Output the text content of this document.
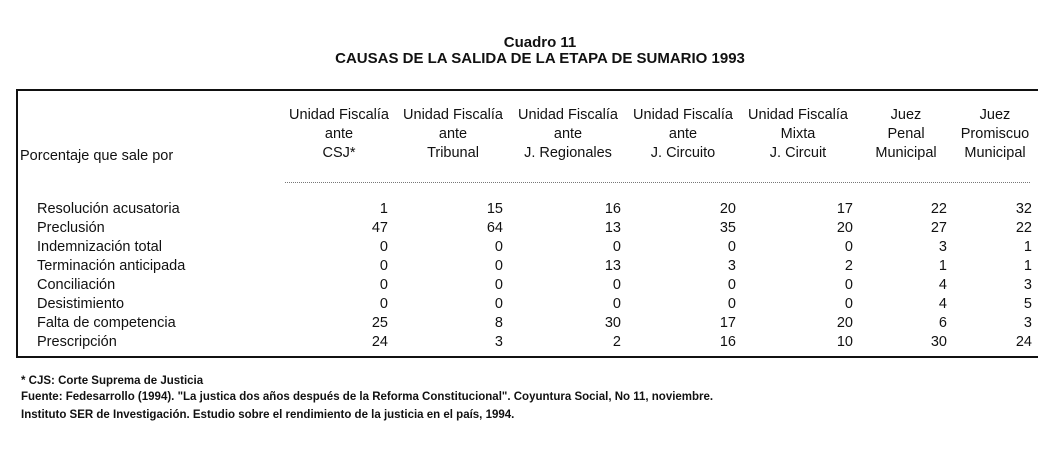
Cuadro 11
CAUSAS DE LA SALIDA DE LA ETAPA DE SUMARIO 1993
Porcentaje que sale por
Unidad Fiscalía
ante
CSJ*
Unidad Fiscalía
ante
Tribunal
Unidad Fiscalía
ante
J. Regionales
Unidad Fiscalía
ante
J. Circuito
Unidad Fiscalía
Mixta
J. Circuit
Juez
Penal
Municipal
Juez
Promiscuo
Municipal
Resolución acusatoria	1	15	16	20	17	22	32
Preclusión	47	64	13	35	20	27	22
Indemnización total	0	0	0	0	0	3	1
Terminación anticipada	0	0	13	3	2	1	1
Conciliación	0	0	0	0	0	4	3
Desistimiento	0	0	0	0	0	4	5
Falta de competencia	25	8	30	17	20	6	3
Prescripción	24	3	2	16	10	30	24
* CJS: Corte Suprema de Justicia
Fuente: Fedesarrollo (1994). "La justica dos años después de la Reforma Constitucional". Coyuntura Social, No 11, noviembre.
Instituto SER de Investigación. Estudio sobre el rendimiento de la justicia en el país, 1994.
